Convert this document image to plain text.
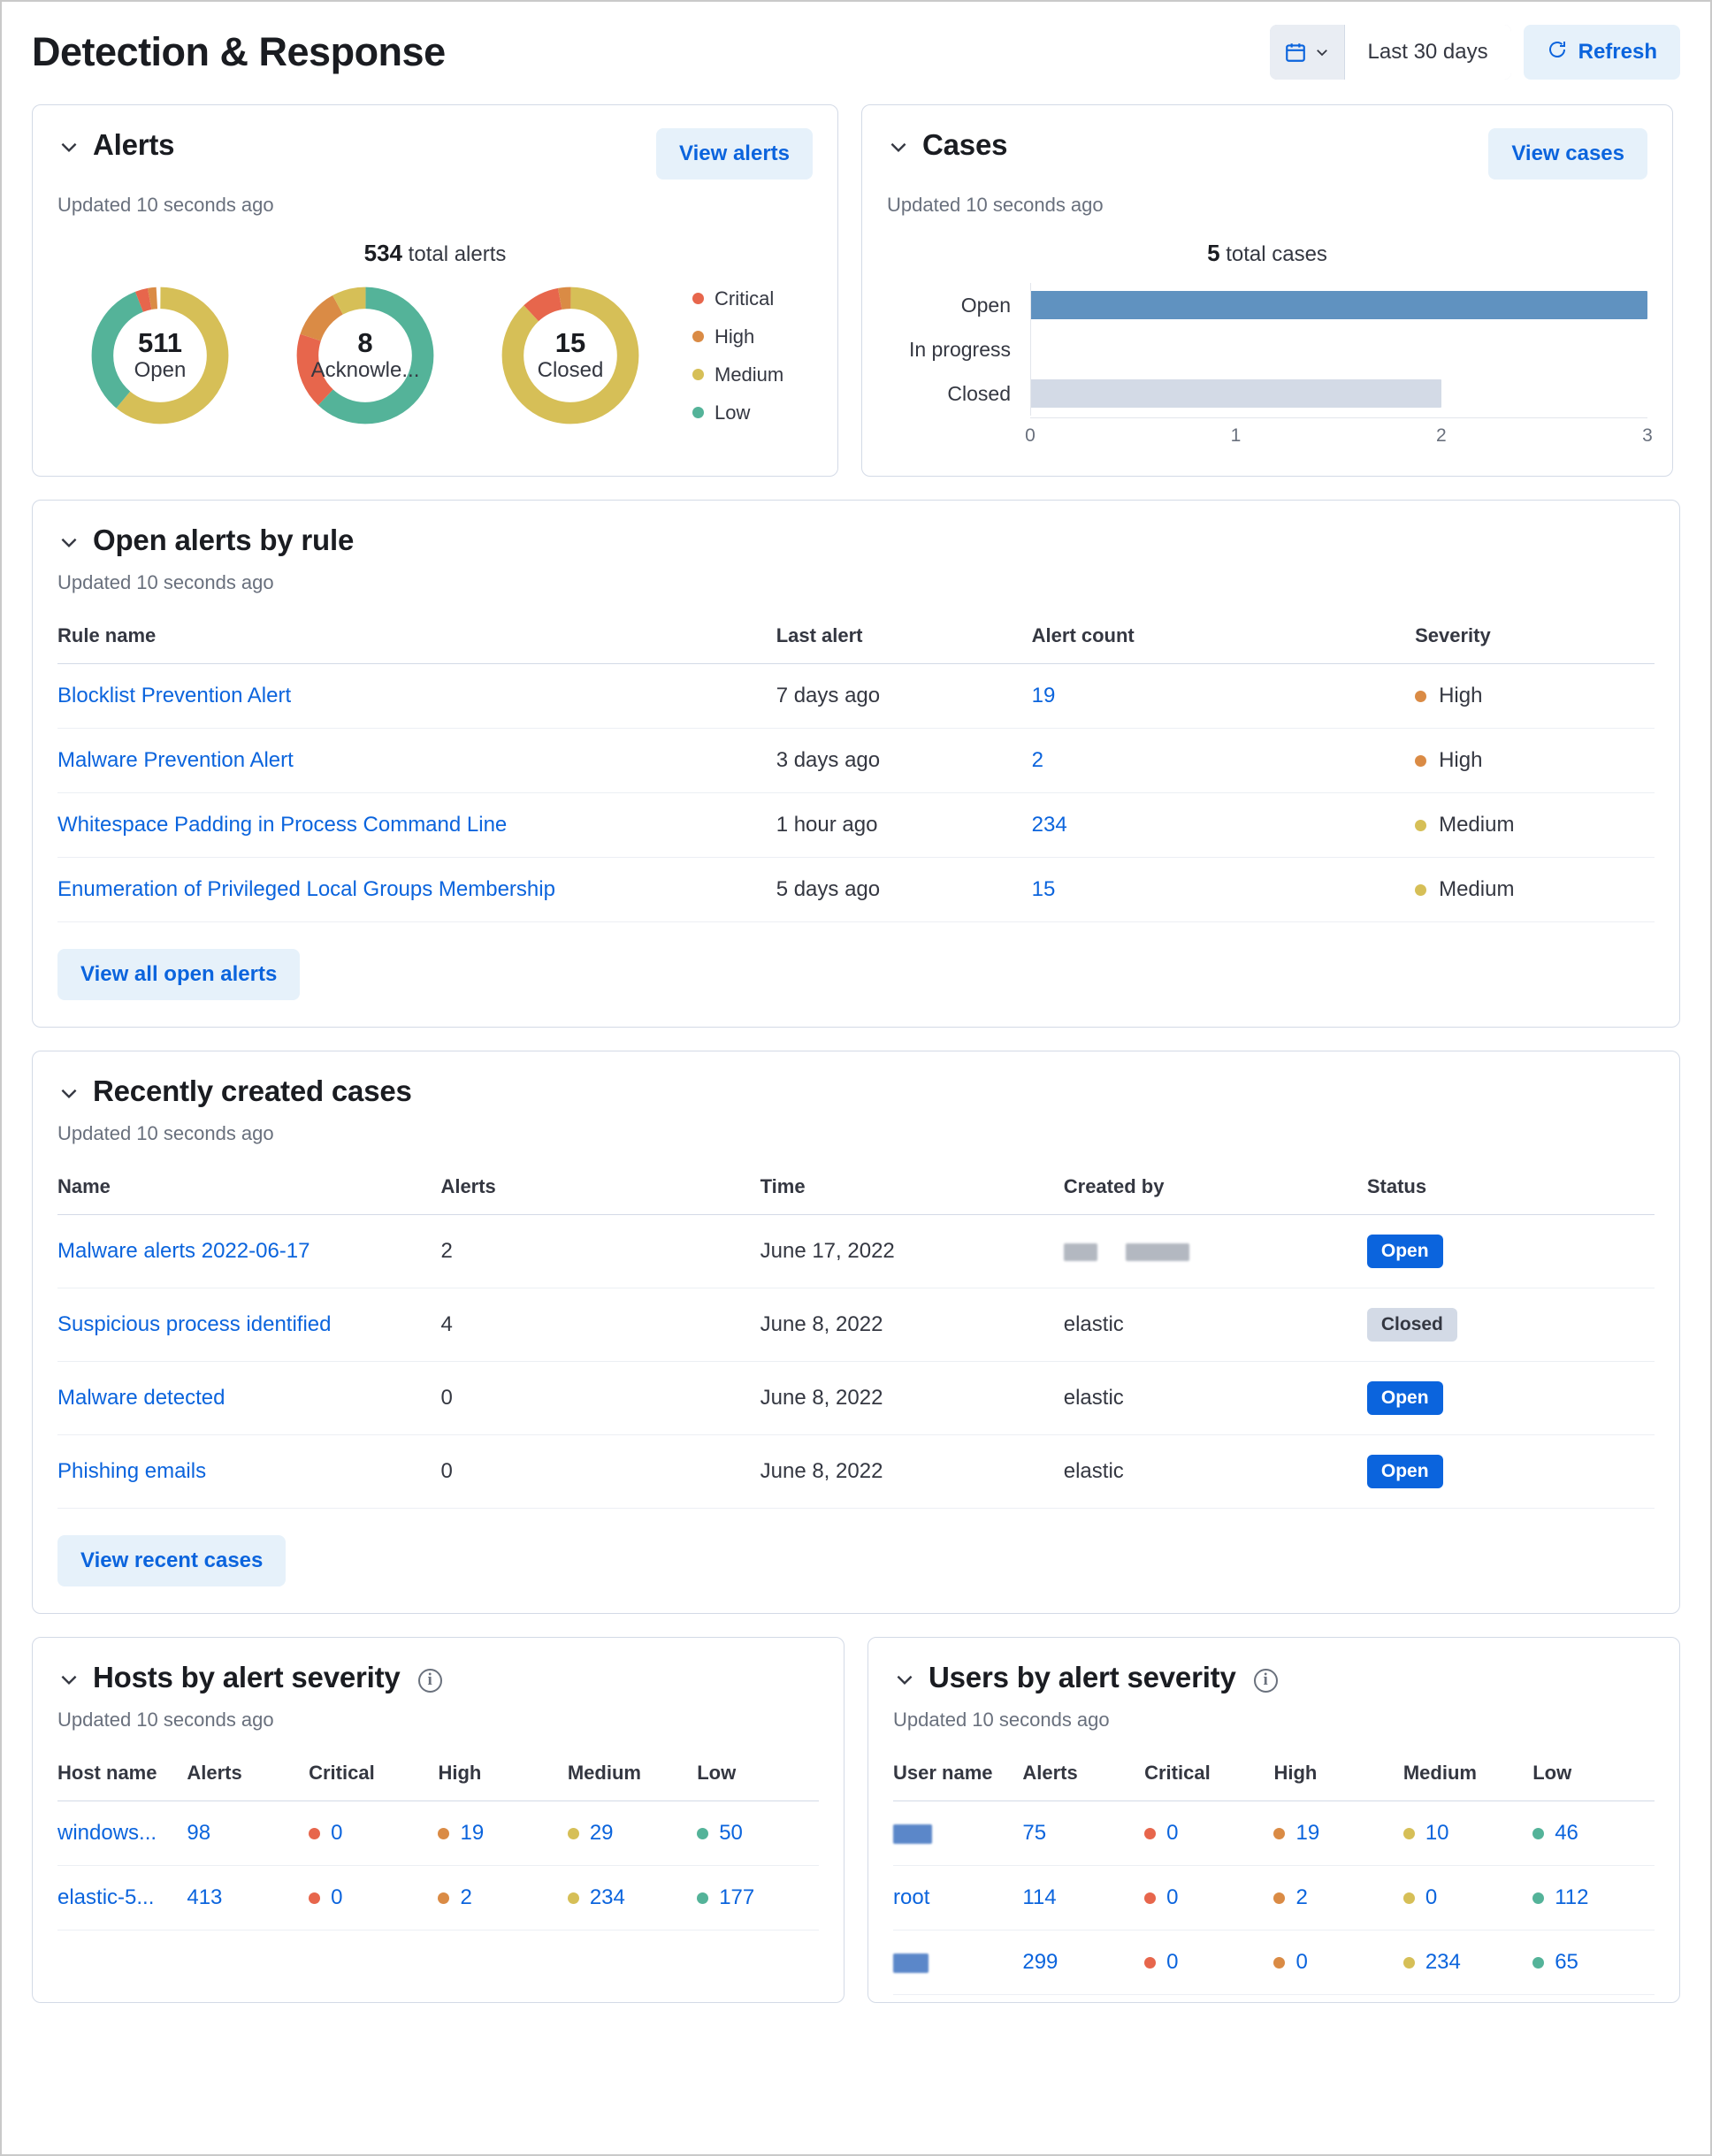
Detection & Response	Last 30 days	Refresh
Alerts	View alerts
Updated 10 seconds ago
534 total alerts
511
Open
8
Acknowle...
15
Closed
Critical
High
Medium
Low
Cases	View cases
Updated 10 seconds ago
5 total cases
Open
In progress
Closed
0	1	2	3
Open alerts by rule
Updated 10 seconds ago
Rule name	Last alert	Alert count	Severity
Blocklist Prevention Alert	7 days ago	19	High

Malware Prevention Alert	3 days ago	2	High

Whitespace Padding in Process Command Line	1 hour ago	234	Medium

Enumeration of Privileged Local Groups Membership	5 days ago	15	Medium
View all open alerts
Recently created cases
Updated 10 seconds ago
Name	Alerts	Time	Created by	Status
Malware alerts 2022-06-17	2	June 17, 2022		Open
Suspicious process identified	4	June 8, 2022	elastic	Closed
Malware detected	0	June 8, 2022	elastic	Open
Phishing emails	0	June 8, 2022	elastic	Open
View recent cases
Hosts by alert severity	i
Updated 10 seconds ago
Host name	Alerts	Critical	High	Medium	Low
windows...	98	0	19	29	50

elastic-5...	413	0	2	234	177
Users by alert severity	i
Updated 10 seconds ago
User name	Alerts	Critical	High	Medium	Low
	75	0	19	10	46

root	114	0	2	0	112

	299	0	0	234	65
